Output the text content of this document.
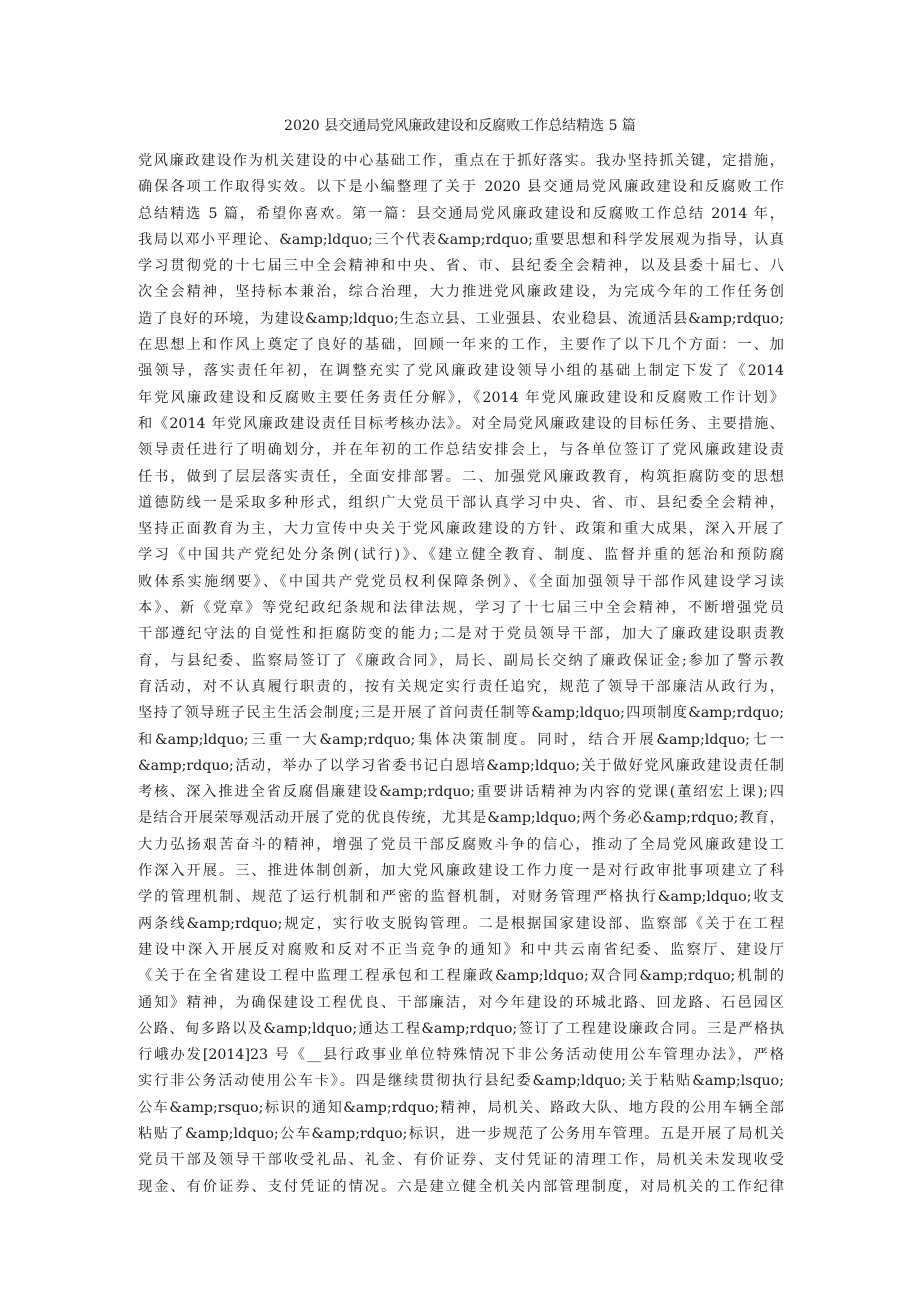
2020 县交通局党风廉政建设和反腐败工作总结精选 5 篇
党风廉政建设作为机关建设的中心基础工作，重点在于抓好落实。我办坚持抓关键，定措施，
确保各项工作取得实效。以下是小编整理了关于 2020 县交通局党风廉政建设和反腐败工作
总结精选 5 篇，希望你喜欢。第一篇：县交通局党风廉政建设和反腐败工作总结 2014 年，
我局以邓小平理论、&amp;ldquo;三个代表&amp;rdquo;重要思想和科学发展观为指导，认真
学习贯彻党的十七届三中全会精神和中央、省、市、县纪委全会精神，以及县委十届七、八
次全会精神，坚持标本兼治，综合治理，大力推进党风廉政建设，为完成今年的工作任务创
造了良好的环境，为建设&amp;ldquo;生态立县、工业强县、农业稳县、流通活县&amp;rdquo;
在思想上和作风上奠定了良好的基础，回顾一年来的工作，主要作了以下几个方面：一、加
强领导，落实责任年初，在调整充实了党风廉政建设领导小组的基础上制定下发了《2014
年党风廉政建设和反腐败主要任务责任分解》，《2014 年党风廉政建设和反腐败工作计划》
和《2014 年党风廉政建设责任目标考核办法》。对全局党风廉政建设的目标任务、主要措施、
领导责任进行了明确划分，并在年初的工作总结安排会上，与各单位签订了党风廉政建设责
任书，做到了层层落实责任，全面安排部署。二、加强党风廉政教育，构筑拒腐防变的思想
道德防线一是采取多种形式，组织广大党员干部认真学习中央、省、市、县纪委全会精神，
坚持正面教育为主，大力宣传中央关于党风廉政建设的方针、政策和重大成果，深入开展了
学习《中国共产党纪处分条例(试行)》、《建立健全教育、制度、监督并重的惩治和预防腐
败体系实施纲要》、《中国共产党党员权利保障条例》、《全面加强领导干部作风建设学习读
本》、新《党章》等党纪政纪条规和法律法规，学习了十七届三中全会精神，不断增强党员
干部遵纪守法的自觉性和拒腐防变的能力;二是对于党员领导干部，加大了廉政建设职责教
育，与县纪委、监察局签订了《廉政合同》，局长、副局长交纳了廉政保证金;参加了警示教
育活动，对不认真履行职责的，按有关规定实行责任追究，规范了领导干部廉洁从政行为，
坚持了领导班子民主生活会制度;三是开展了首问责任制等&amp;ldquo;四项制度&amp;rdquo;
和&amp;ldquo;三重一大&amp;rdquo;集体决策制度。同时，结合开展&amp;ldquo;七一
&amp;rdquo;活动，举办了以学习省委书记白恩培&amp;ldquo;关于做好党风廉政建设责任制
考核、深入推进全省反腐倡廉建设&amp;rdquo;重要讲话精神为内容的党课(董绍宏上课);四
是结合开展荣辱观活动开展了党的优良传统，尤其是&amp;ldquo;两个务必&amp;rdquo;教育，
大力弘扬艰苦奋斗的精神，增强了党员干部反腐败斗争的信心，推动了全局党风廉政建设工
作深入开展。三、推进体制创新，加大党风廉政建设工作力度一是对行政审批事项建立了科
学的管理机制、规范了运行机制和严密的监督机制，对财务管理严格执行&amp;ldquo;收支
两条线&amp;rdquo;规定，实行收支脱钩管理。二是根据国家建设部、监察部《关于在工程
建设中深入开展反对腐败和反对不正当竞争的通知》和中共云南省纪委、监察厅、建设厅
《关于在全省建设工程中监理工程承包和工程廉政&amp;ldquo;双合同&amp;rdquo;机制的
通知》精神，为确保建设工程优良、干部廉洁，对今年建设的环城北路、回龙路、石邑园区
公路、甸多路以及&amp;ldquo;通达工程&amp;rdquo;签订了工程建设廉政合同。三是严格执
行峨办发[2014]23 号《__县行政事业单位特殊情况下非公务活动使用公车管理办法》，严格
实行非公务活动使用公车卡》。四是继续贯彻执行县纪委&amp;ldquo;关于粘贴&amp;lsquo;
公车&amp;rsquo;标识的通知&amp;rdquo;精神，局机关、路政大队、地方段的公用车辆全部
粘贴了&amp;ldquo;公车&amp;rdquo;标识，进一步规范了公务用车管理。五是开展了局机关
党员干部及领导干部收受礼品、礼金、有价证券、支付凭证的清理工作，局机关未发现收受
现金、有价证券、支付凭证的情况。六是建立健全机关内部管理制度，对局机关的工作纪律
